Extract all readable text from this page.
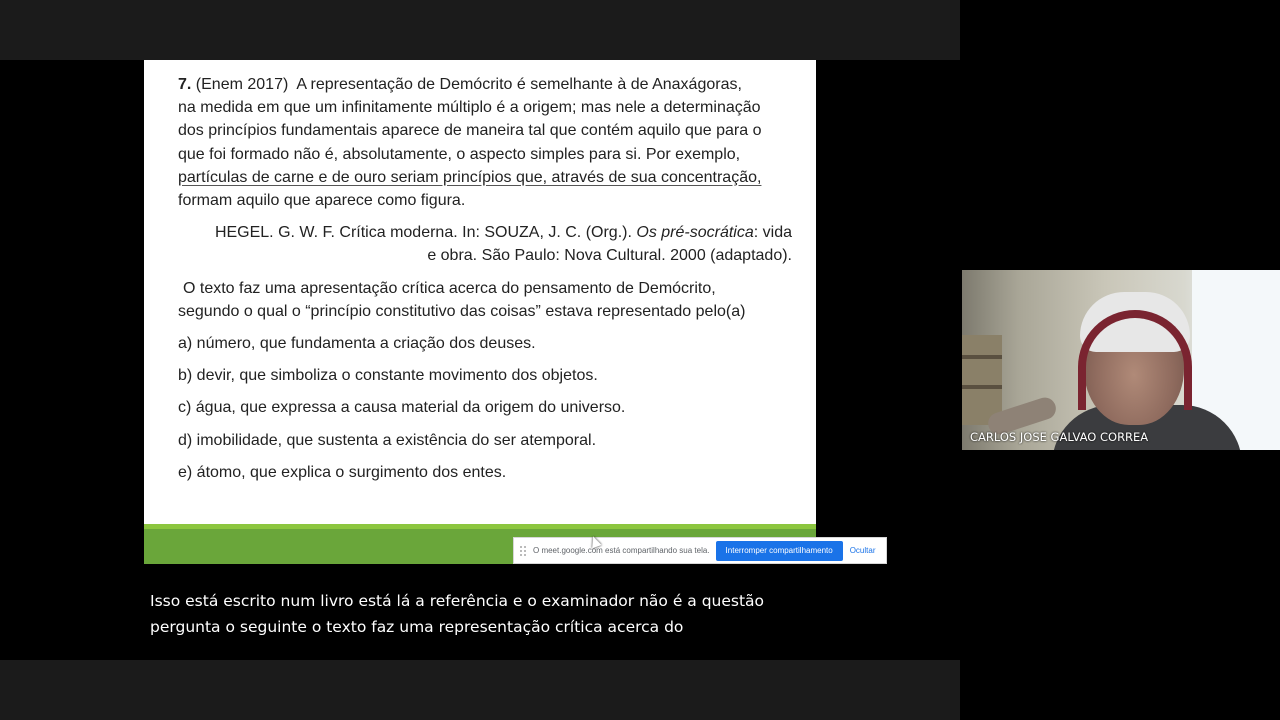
7. (Enem 2017) A representação de Demócrito é semelhante à de Anaxágoras,
na medida em que um infinitamente múltiplo é a origem; mas nele a determinação
dos princípios fundamentais aparece de maneira tal que contém aquilo que para o
que foi formado não é, absolutamente, o aspecto simples para si. Por exemplo,
partículas de carne e de ouro seriam princípios que, através de sua concentração,
formam aquilo que aparece como figura.
HEGEL. G. W. F. Crítica moderna. In: SOUZA, J. C. (Org.). Os pré-socrática: vida
e obra. São Paulo: Nova Cultural. 2000 (adaptado).
O texto faz uma apresentação crítica acerca do pensamento de Demócrito,
segundo o qual o “princípio constitutivo das coisas” estava representado pelo(a)
a) número, que fundamenta a criação dos deuses.
b) devir, que simboliza o constante movimento dos objetos.
c) água, que expressa a causa material da origem do universo.
d) imobilidade, que sustenta a existência do ser atemporal.
e) átomo, que explica o surgimento dos entes.
O meet.google.com está compartilhando sua tela.	Interromper compartilhamento	Ocultar
Isso está escrito num livro está lá a referência e o examinador não é a questão
pergunta o seguinte o texto faz uma representação crítica acerca do
CARLOS JOSE GALVAO CORREA
